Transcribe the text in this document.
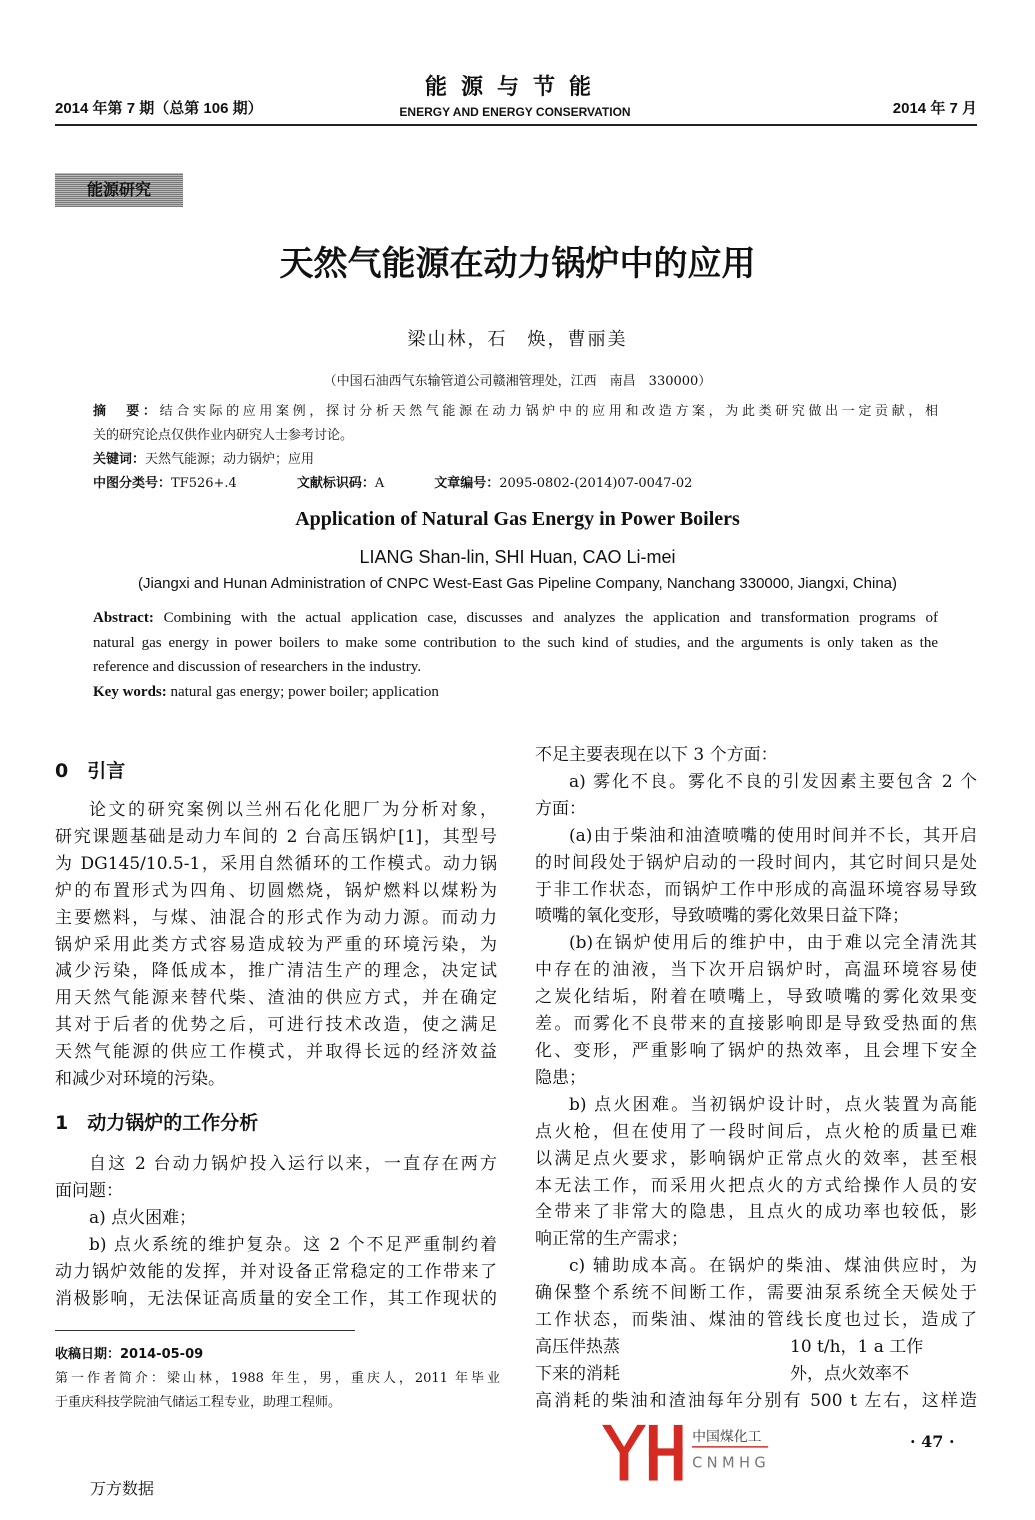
2014 年第 7 期（总第 106 期）
能源与节能
ENERGY AND ENERGY CONSERVATION	2014 年 7 月
能源研究
天然气能源在动力锅炉中的应用
梁山林，石　焕，曹丽美
（中国石油西气东输管道公司赣湘管理处，江西　南昌　330000）
摘　要：结合实际的应用案例，探讨分析天然气能源在动力锅炉中的应用和改造方案，为此类研究做出一定贡献，相
关的研究论点仅供作业内研究人士参考讨论。
关键词：天然气能源；动力锅炉；应用
中图分类号：TF526+.4	文献标识码：A	文章编号：2095-0802-(2014)07-0047-02
Application of Natural Gas Energy in Power Boilers
LIANG Shan-lin, SHI Huan, CAO Li-mei
(Jiangxi and Hunan Administration of CNPC West-East Gas Pipeline Company, Nanchang 330000, Jiangxi, China)
Abstract: Combining with the actual application case, discusses and analyzes the application and transformation programs of
natural gas energy in power boilers to make some contribution to the such kind of studies, and the arguments is only taken as the
reference and discussion of researchers in the industry.
Key words: natural gas energy; power boiler; application
0　引言
论文的研究案例以兰州石化化肥厂为分析对象，
研究课题基础是动力车间的 2 台高压锅炉[1]，其型号
为 DG145/10.5-1，采用自然循环的工作模式。动力锅
炉的布置形式为四角、切圆燃烧，锅炉燃料以煤粉为
主要燃料，与煤、油混合的形式作为动力源。而动力
锅炉采用此类方式容易造成较为严重的环境污染，为
减少污染，降低成本，推广清洁生产的理念，决定试
用天然气能源来替代柴、渣油的供应方式，并在确定
其对于后者的优势之后，可进行技术改造，使之满足
天然气能源的供应工作模式，并取得长远的经济效益
和减少对环境的污染。
1　动力锅炉的工作分析
自这 2 台动力锅炉投入运行以来，一直存在两方
面问题：
a) 点火困难；
b) 点火系统的维护复杂。这 2 个不足严重制约着
动力锅炉效能的发挥，并对设备正常稳定的工作带来了
消极影响，无法保证高质量的安全工作，其工作现状的
不足主要表现在以下 3 个方面：
a) 雾化不良。雾化不良的引发因素主要包含 2 个
方面：
(a)由于柴油和油渣喷嘴的使用时间并不长，其开启
的时间段处于锅炉启动的一段时间内，其它时间只是处
于非工作状态，而锅炉工作中形成的高温环境容易导致
喷嘴的氧化变形，导致喷嘴的雾化效果日益下降；
(b)在锅炉使用后的维护中，由于难以完全清洗其
中存在的油液，当下次开启锅炉时，高温环境容易使
之炭化结垢，附着在喷嘴上，导致喷嘴的雾化效果变
差。而雾化不良带来的直接影响即是导致受热面的焦
化、变形，严重影响了锅炉的热效率，且会埋下安全
隐患；
b) 点火困难。当初锅炉设计时，点火装置为高能
点火枪，但在使用了一段时间后，点火枪的质量已难
以满足点火要求，影响锅炉正常点火的效率，甚至根
本无法工作，而采用火把点火的方式给操作人员的安
全带来了非常大的隐患，且点火的成功率也较低，影
响正常的生产需求；
c) 辅助成本高。在锅炉的柴油、煤油供应时，为
确保整个系统不间断工作，需要油泵系统全天候处于
工作状态，而柴油、煤油的管线长度也过长，造成了
高压伴热蒸　　　　　　　　　　10 t/h，1 a 工作
下来的消耗　　　　　　　　　　外，点火效率不
高消耗的柴油和渣油每年分别有 500 t 左右，这样造
收稿日期：2014-05-09
第一作者简介：梁山林，1988 年生，男，重庆人，2011 年毕业
于重庆科技学院油气储运工程专业，助理工程师。
中国煤化工
CNMHG
· 47 ·
万方数据
